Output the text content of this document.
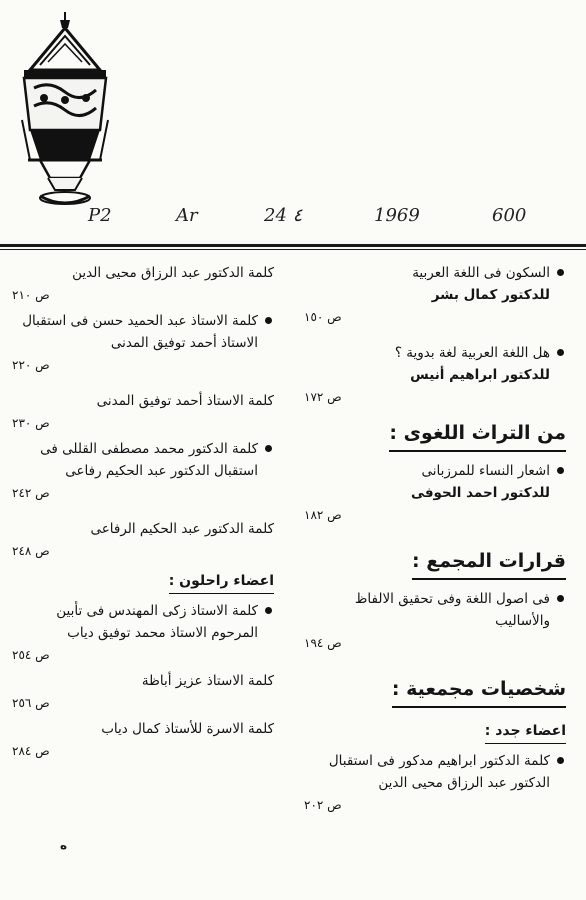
P2	Ar	24 ٤	1969	600
السكون فى اللغة العربية
للدكتور كمال بشر
ص ١٥٠
هل اللغة العربية لغة بدوية ؟
للدكتور ابراهيم أنيس
ص ١٧٢
من التراث اللغوى :
اشعار النساء للمرزبانى
للدكتور احمد الحوفى
ص ١٨٢
قرارات المجمع :
فى اصول اللغة وفى تحقيق الالفاظ والأساليب
ص ١٩٤
شخصيات مجمعية :
اعضاء جدد :
كلمة الدكتور ابراهيم مدكور فى استقبال الدكتور عبد الرزاق محيى الدين
ص ٢٠٢
كلمة الدكتور عبد الرزاق محيى الدين
ص ٢١٠
كلمة الاستاذ عبد الحميد حسن فى استقبال الاستاذ أحمد توفيق المدنى
ص ٢٢٠
كلمة الاستاذ أحمد توفيق المدنى
ص ٢٣٠
كلمة الدكتور محمد مصطفى القللى فى استقبال الدكتور عبد الحكيم رفاعى
ص ٢٤٢
كلمة الدكتور عبد الحكيم الرفاعى
ص ٢٤٨
اعضاء راحلون :
كلمة الاستاذ زكى المهندس فى تأبين المرحوم الاستاذ محمد توفيق دياب
ص ٢٥٤
كلمة الاستاذ عزيز أباظة
ص ٢٥٦
كلمة الاسرة للأستاذ كمال دياب
ص ٢٨٤
ه
